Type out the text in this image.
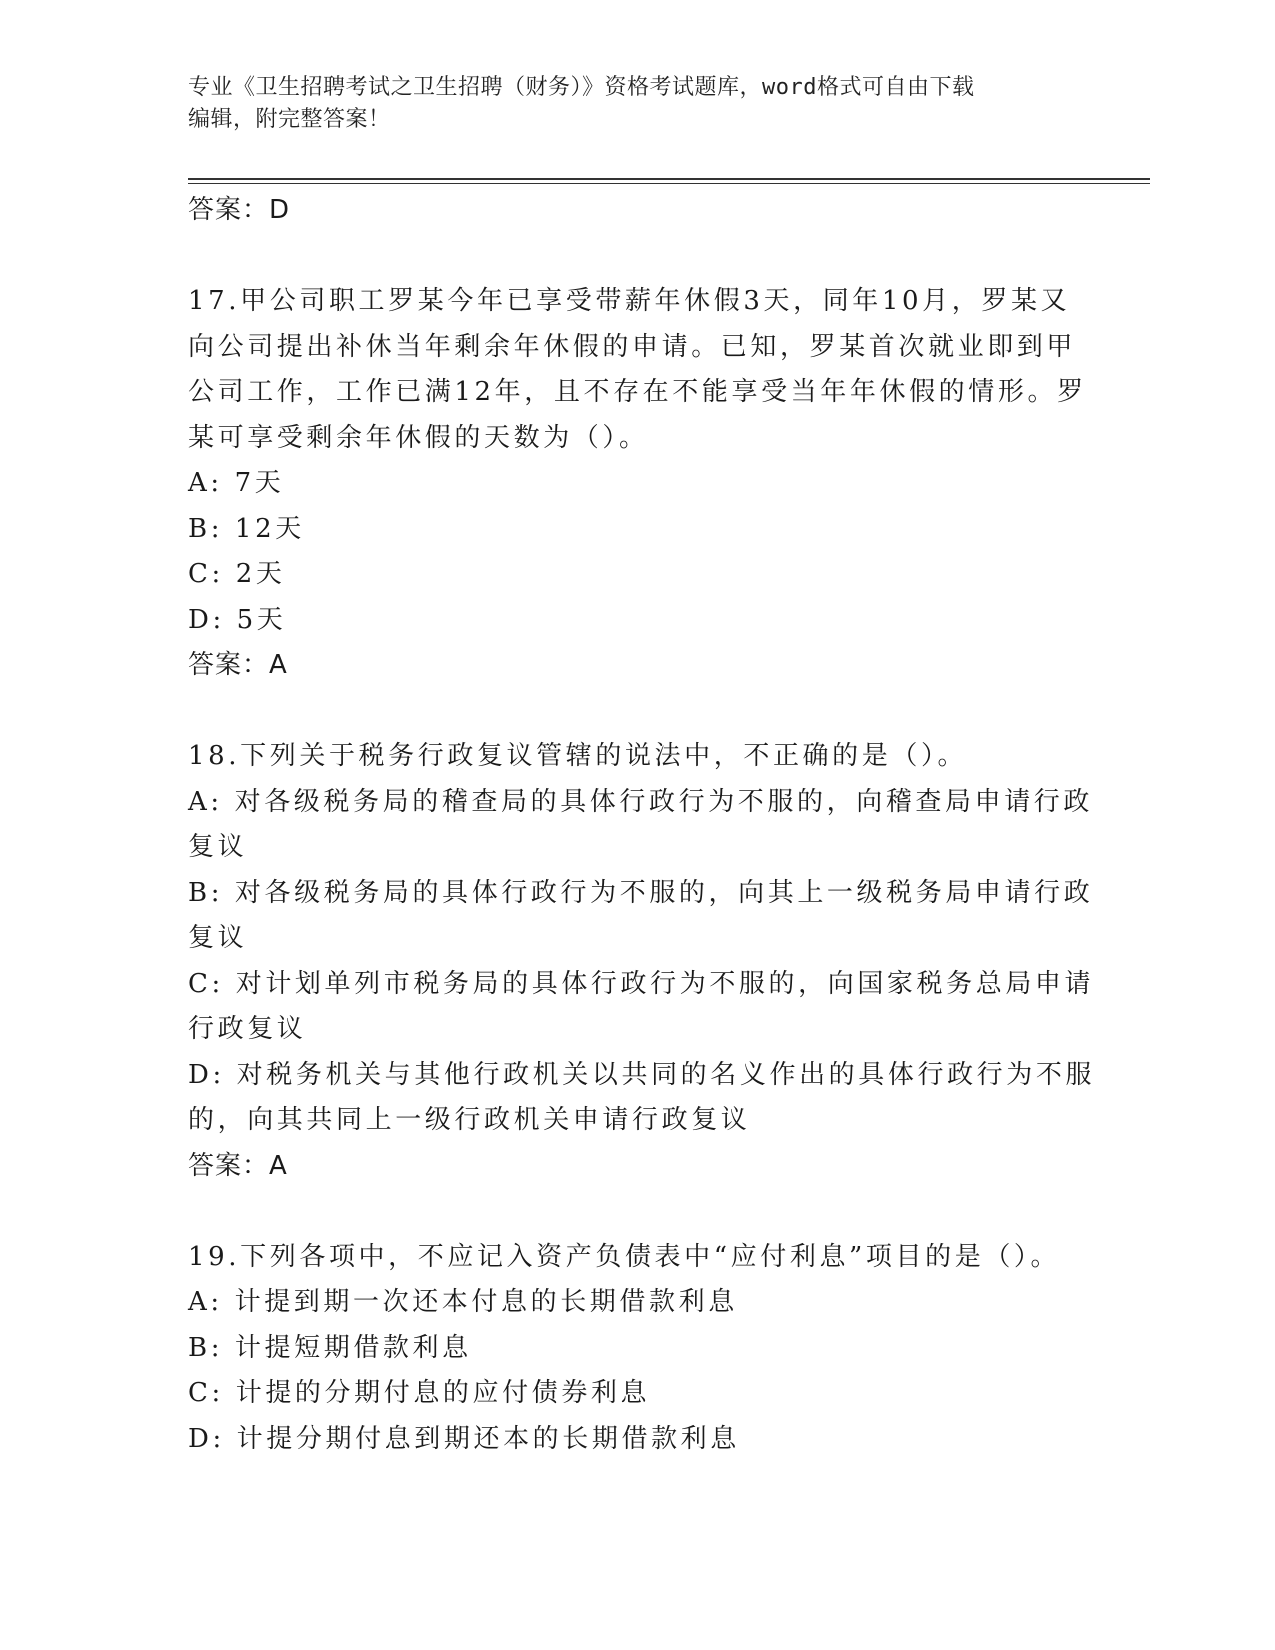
专业《卫生招聘考试之卫生招聘（财务）》资格考试题库，word格式可自由下载
编辑，附完整答案！
答案：D
17.甲公司职工罗某今年已享受带薪年休假3天，同年10月，罗某又
向公司提出补休当年剩余年休假的申请。已知，罗某首次就业即到甲
公司工作，工作已满12年，且不存在不能享受当年年休假的情形。罗
某可享受剩余年休假的天数为（）。
A: 7天
B: 12天
C: 2天
D: 5天
答案：A
18.下列关于税务行政复议管辖的说法中，不正确的是（）。
A: 对各级税务局的稽查局的具体行政行为不服的，向稽查局申请行政
复议
B: 对各级税务局的具体行政行为不服的，向其上一级税务局申请行政
复议
C: 对计划单列市税务局的具体行政行为不服的，向国家税务总局申请
行政复议
D: 对税务机关与其他行政机关以共同的名义作出的具体行政行为不服
的，向其共同上一级行政机关申请行政复议
答案：A
19.下列各项中，不应记入资产负债表中“应付利息”项目的是（）。
A: 计提到期一次还本付息的长期借款利息
B: 计提短期借款利息
C: 计提的分期付息的应付债券利息
D: 计提分期付息到期还本的长期借款利息
